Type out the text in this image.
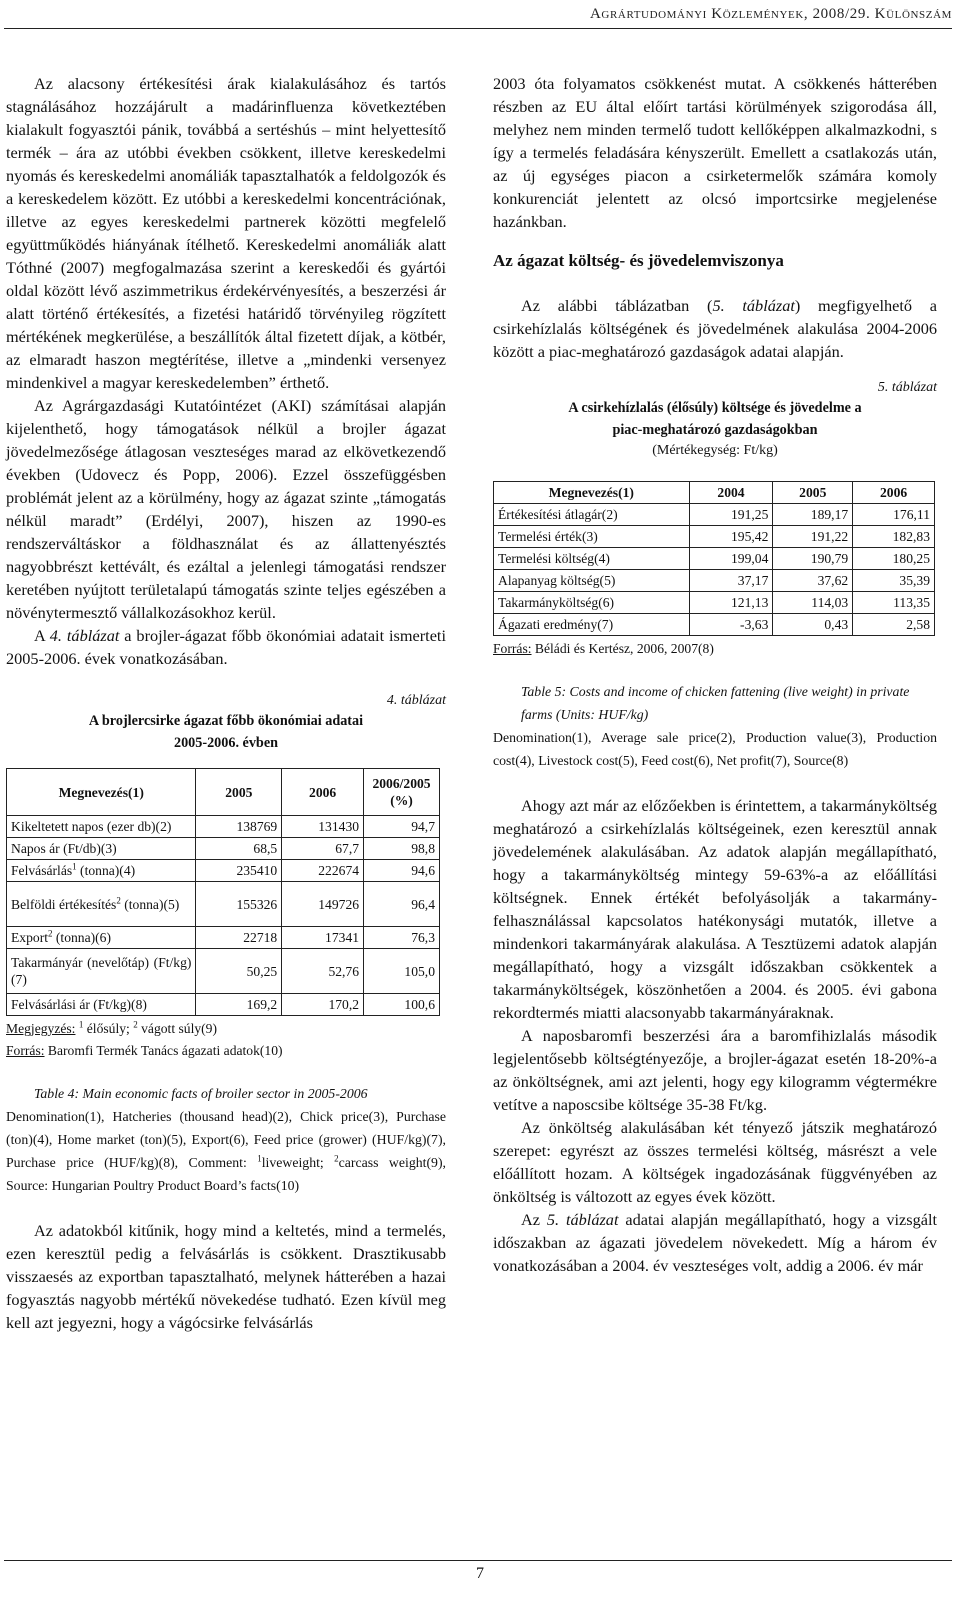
Agrártudományi Közlemények, 2008/29. Különszám

Az alacsony értékesítési árak kialakulásához és tartós stagnálásához hozzájárult a madárinfluenza következtében kialakult fogyasztói pánik, továbbá a sertéshús – mint helyettesítő termék – ára az utóbbi években csökkent, illetve kereskedelmi nyomás és kereskedelmi anomáliák tapasztalhatók a feldolgozók és a kereskedelem között. Ez utóbbi a kereskedelmi koncentrációnak, illetve az egyes kereskedelmi partnerek közötti megfelelő együttműködés hiányának ítélhető. Kereskedelmi anomáliák alatt Tóthné (2007) megfogalmazása szerint a kereskedői és gyártói oldal között lévő aszimmetrikus érdekérvényesítés, a beszerzési ár alatt történő értékesítés, a fizetési határidő törvényileg rögzített mértékének megkerülése, a beszállítók által fizetett díjak, a kötbér, az elmaradt haszon megtérítése, illetve a „mindenki versenyez mindenkivel a magyar kereskedelemben” érthető.

Az Agrárgazdasági Kutatóintézet (AKI) számításai alapján kijelenthető, hogy támogatások nélkül a brojler ágazat jövedelmezősége átlagosan veszteséges marad az elkövetkezendő években (Udovecz és Popp, 2006). Ezzel összefüggésben problémát jelent az a körülmény, hogy az ágazat szinte „támogatás nélkül maradt” (Erdélyi, 2007), hiszen az 1990-es rendszerváltáskor a földhasználat és az állattenyésztés nagyobbrészt kettévált, és ezáltal a jelenlegi támogatási rendszer keretében nyújtott területalapú támogatás szinte teljes egészében a növénytermesztő vállalkozásokhoz kerül.

A 4. táblázat a brojler-ágazat főbb ökonómiai adatait ismerteti 2005-2006. évek vonatkozásában.

4. táblázat
A brojlercsirke ágazat főbb ökonómiai adatai
2005-2006. évben
Megnevezés(1)	2005	2006	2006/2005 (%)
Kikeltetett napos (ezer db)(2)	138769	131430	94,7
Napos ár (Ft/db)(3)	68,5	67,7	98,8
Felvásárlás$^1$ (tonna)(4)	235410	222674	94,6
Belföldi értékesítés$^2$ (tonna)(5)	155326	149726	96,4
Export$^2$ (tonna)(6)	22718	17341	76,3
Takarmányár (nevelőtáp) (Ft/kg)(7)	50,25	52,76	105,0
Felvásárlási ár (Ft/kg)(8)	169,2	170,2	100,6
Megjegyzés: $^1$ élősúly; $^2$ vágott súly(9)
Forrás: Baromfi Termék Tanács ágazati adatok(10)
Table 4: Main economic facts of broiler sector in 2005-2006
Denomination(1), Hatcheries (thousand head)(2), Chick price(3), Purchase (ton)(4), Home market (ton)(5), Export(6), Feed price (grower) (HUF/kg)(7), Purchase price (HUF/kg)(8), Comment: $^1$liveweight; $^2$carcass weight(9), Source: Hungarian Poultry Product Board’s facts(10)

Az adatokból kitűnik, hogy mind a keltetés, mind a termelés, ezen keresztül pedig a felvásárlás is csökkent. Drasztikusabb visszaesés az exportban tapasztalható, melynek hátterében a hazai fogyasztás nagyobb mértékű növekedése tudható. Ezen kívül meg kell azt jegyezni, hogy a vágócsirke felvásárlás

2003 óta folyamatos csökkenést mutat. A csökkenés hátterében részben az EU által előírt tartási körülmények szigorodása áll, melyhez nem minden termelő tudott kellőképpen alkalmazkodni, s így a termelés feladására kényszerült. Emellett a csatlakozás után, az új egységes piacon a csirketermelők számára komoly konkurenciát jelentett az olcsó importcsirke megjelenése hazánkban.

Az ágazat költség- és jövedelemviszonya

Az alábbi táblázatban (5. táblázat) megfigyelhető a csirkehízlalás költségének és jövedelmének alakulása 2004-2006 között a piac-meghatározó gazdaságok adatai alapján.

5. táblázat
A csirkehízlalás (élősúly) költsége és jövedelme a
piac-meghatározó gazdaságokban
(Mértékegység: Ft/kg)
Megnevezés(1)	2004	2005	2006
Értékesítési átlagár(2)	191,25	189,17	176,11
Termelési érték(3)	195,42	191,22	182,83
Termelési költség(4)	199,04	190,79	180,25
Alapanyag költség(5)	37,17	37,62	35,39
Takarmányköltség(6)	121,13	114,03	113,35
Ágazati eredmény(7)	-3,63	0,43	2,58
Forrás: Béládi és Kertész, 2006, 2007(8)
Table 5: Costs and income of chicken fattening (live weight) in private farms (Units: HUF/kg)
Denomination(1), Average sale price(2), Production value(3), Production cost(4), Livestock cost(5), Feed cost(6), Net profit(7), Source(8)

Ahogy azt már az előzőekben is érintettem, a takarmányköltség meghatározó a csirkehízlalás költségeinek, ezen keresztül annak jövedelemének alakulásában. Az adatok alapján megállapítható, hogy a takarmányköltség mintegy 59-63%-a az előállítási költségnek. Ennek értékét befolyásolják a takarmány-felhasználással kapcsolatos hatékonysági mutatók, illetve a mindenkori takarmányárak alakulása. A Tesztüzemi adatok alapján megállapítható, hogy a vizsgált időszakban csökkentek a takarmányköltségek, köszönhetően a 2004. és 2005. évi gabona rekordtermés miatti alacsonyabb takarmányáraknak.

A naposbaromfi beszerzési ára a baromfihizlalás második legjelentősebb költségtényezője, a brojler-ágazat esetén 18-20%-a az önköltségnek, ami azt jelenti, hogy egy kilogramm végtermékre vetítve a naposcsibe költsége 35-38 Ft/kg.

Az önköltség alakulásában két tényező játszik meghatározó szerepet: egyrészt az összes termelési költség, másrészt a vele előállított hozam. A költségek ingadozásának függvényében az önköltség is változott az egyes évek között.

Az 5. táblázat adatai alapján megállapítható, hogy a vizsgált időszakban az ágazati jövedelem növekedett. Míg a három év vonatkozásában a 2004. év veszteséges volt, addig a 2006. év már

7
